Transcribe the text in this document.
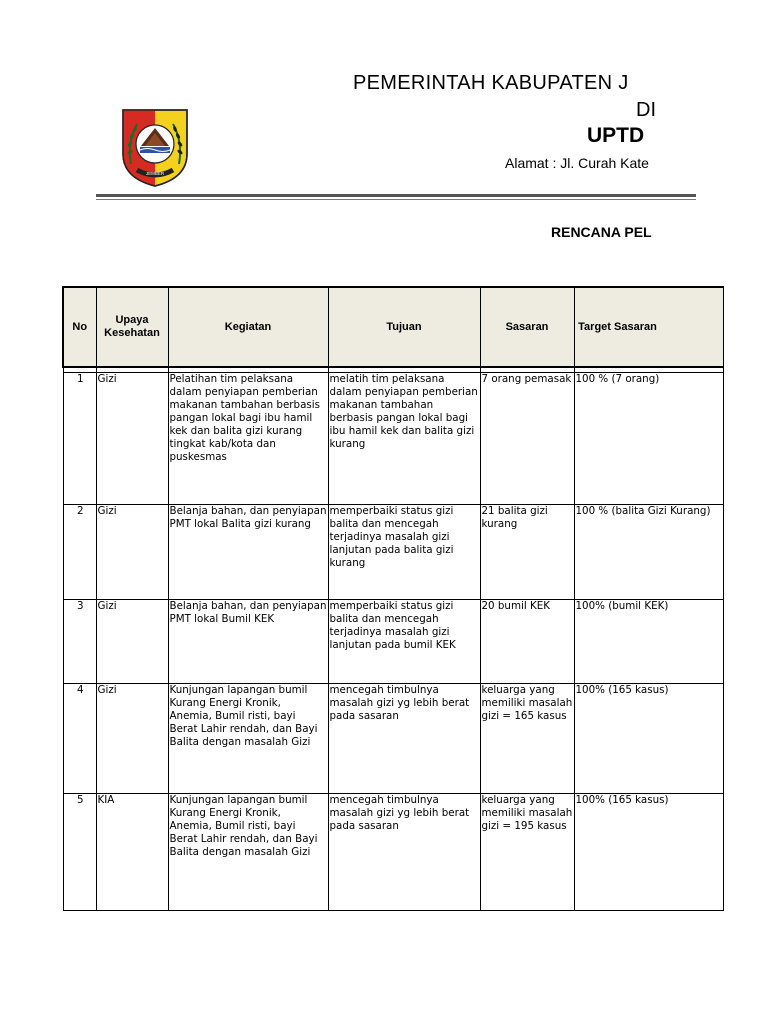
JEMBER
PEMERINTAH KABUPATEN J
DI
UPTD
Alamat : Jl. Curah Kate
RENCANA PEL
No	Upaya Kesehatan	Kegiatan	Tujuan	Sasaran	Target Sasaran

1	Gizi	Pelatihan tim pelaksana dalam penyiapan pemberian makanan tambahan berbasis pangan lokal bagi ibu hamil kek dan balita gizi kurang tingkat kab/kota dan puskesmas	melatih tim pelaksana dalam penyiapan pemberian makanan tambahan berbasis pangan lokal bagi ibu hamil kek dan balita gizi kurang	7 orang pemasak	100 % (7 orang)
2	Gizi	Belanja bahan, dan penyiapan PMT lokal Balita gizi kurang	memperbaiki status gizi balita dan mencegah terjadinya masalah gizi lanjutan pada balita gizi kurang	21 balita gizi kurang	100 % (balita Gizi Kurang)
3	Gizi	Belanja bahan, dan penyiapan PMT lokal Bumil KEK	memperbaiki status gizi balita dan mencegah terjadinya masalah gizi lanjutan pada bumil KEK	20 bumil KEK	100% (bumil KEK)
4	Gizi	Kunjungan lapangan bumil Kurang Energi Kronik, Anemia, Bumil risti, bayi Berat Lahir rendah, dan Bayi Balita dengan masalah Gizi	mencegah timbulnya masalah gizi yg lebih berat pada sasaran	keluarga yang memiliki masalah gizi = 165 kasus	100% (165 kasus)
5	KIA	Kunjungan lapangan bumil Kurang Energi Kronik, Anemia, Bumil risti, bayi Berat Lahir rendah, dan Bayi Balita dengan masalah Gizi	mencegah timbulnya masalah gizi yg lebih berat pada sasaran	keluarga yang memiliki masalah gizi = 195 kasus	100% (165 kasus)
